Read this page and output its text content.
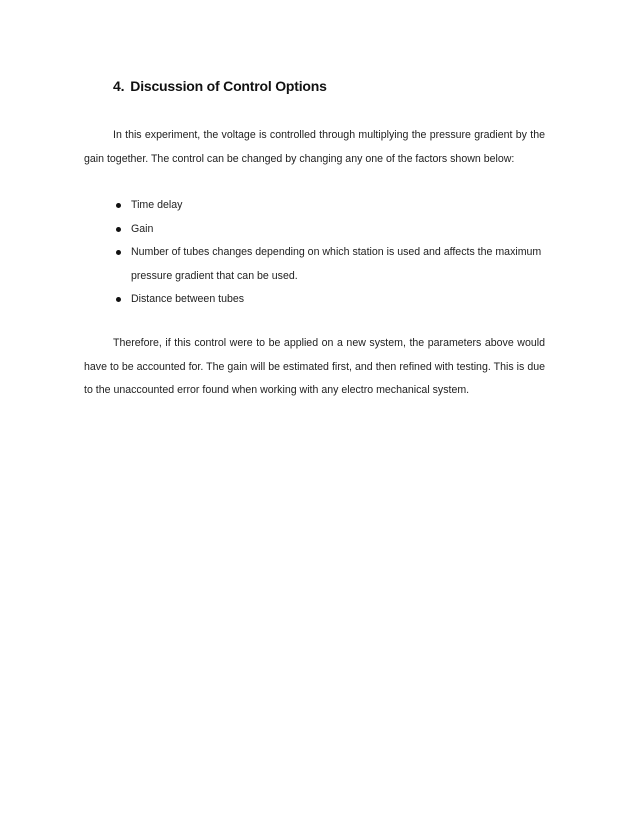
4. Discussion of Control Options

In this experiment, the voltage is controlled through multiplying the pressure gradient by the gain together. The control can be changed by changing any one of the factors shown below:

Time delay
Gain
Number of tubes changes depending on which station is used and affects the maximum pressure gradient that can be used.
Distance between tubes

Therefore, if this control were to be applied on a new system, the parameters above would have to be accounted for. The gain will be estimated first, and then refined with testing. This is due to the unaccounted error found when working with any electro mechanical system.
